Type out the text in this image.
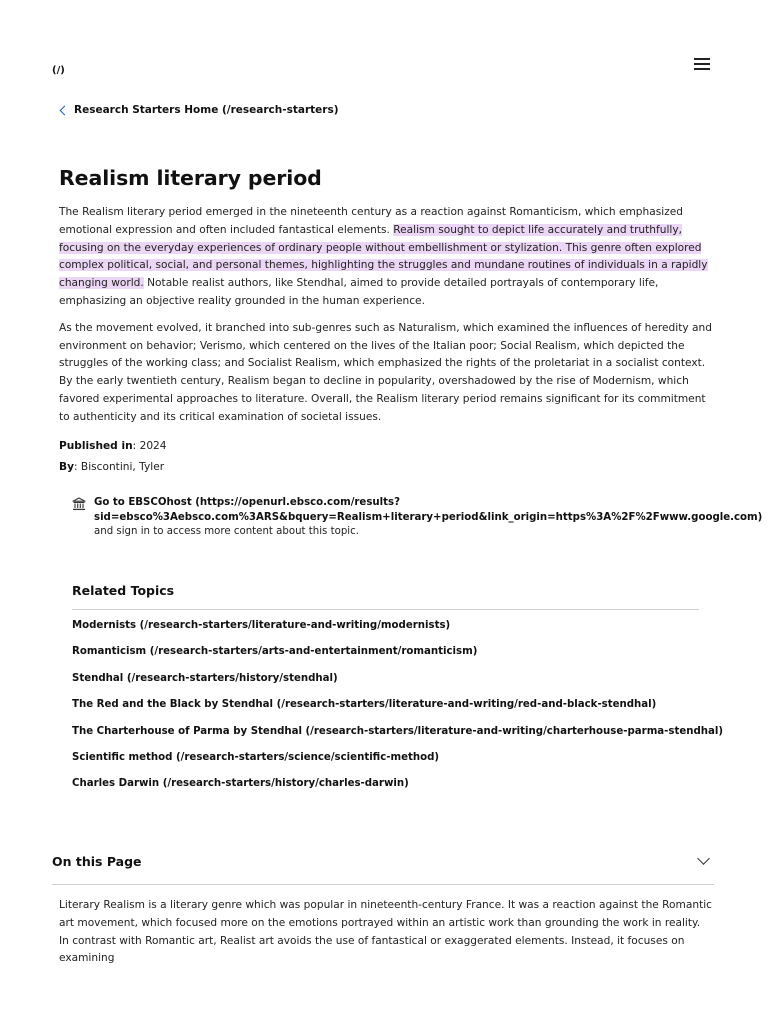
(/)
Research Starters Home (/research-starters)
Realism literary period

The Realism literary period emerged in the nineteenth century as a reaction against Romanticism, which emphasized emotional expression and often included fantastical elements. Realism sought to depict life accurately and truthfully, focusing on the everyday experiences of ordinary people without embellishment or stylization. This genre often explored complex political, social, and personal themes, highlighting the struggles and mundane routines of individuals in a rapidly changing world. Notable realist authors, like Stendhal, aimed to provide detailed portrayals of contemporary life, emphasizing an objective reality grounded in the human experience.

As the movement evolved, it branched into sub-genres such as Naturalism, which examined the influences of heredity and environment on behavior; Verismo, which centered on the lives of the Italian poor; Social Realism, which depicted the struggles of the working class; and Socialist Realism, which emphasized the rights of the proletariat in a socialist context. By the early twentieth century, Realism began to decline in popularity, overshadowed by the rise of Modernism, which favored experimental approaches to literature. Overall, the Realism literary period remains significant for its commitment to authenticity and its critical examination of societal issues.

Published in: 2024
By: Biscontini, Tyler
Go to EBSCOhost (https://openurl.ebsco.com/results?
sid=ebsco%3Aebsco.com%3ARS&bquery=Realism+literary+period&link_origin=https%3A%2F%2Fwww.google.com)
and sign in to access more content about this topic.
Related Topics
Modernists (/research-starters/literature-and-writing/modernists)
Romanticism (/research-starters/arts-and-entertainment/romanticism)
Stendhal (/research-starters/history/stendhal)
The Red and the Black by Stendhal (/research-starters/literature-and-writing/red-and-black-stendhal)
The Charterhouse of Parma by Stendhal (/research-starters/literature-and-writing/charterhouse-parma-stendhal)
Scientific method (/research-starters/science/scientific-method)
Charles Darwin (/research-starters/history/charles-darwin)
On this Page
Literary Realism is a literary genre which was popular in nineteenth-century France. It was a reaction against the Romantic art movement, which focused more on the emotions portrayed within an artistic work than grounding the work in reality. In contrast with Romantic art, Realist art avoids the use of fantastical or exaggerated elements. Instead, it focuses on examining
